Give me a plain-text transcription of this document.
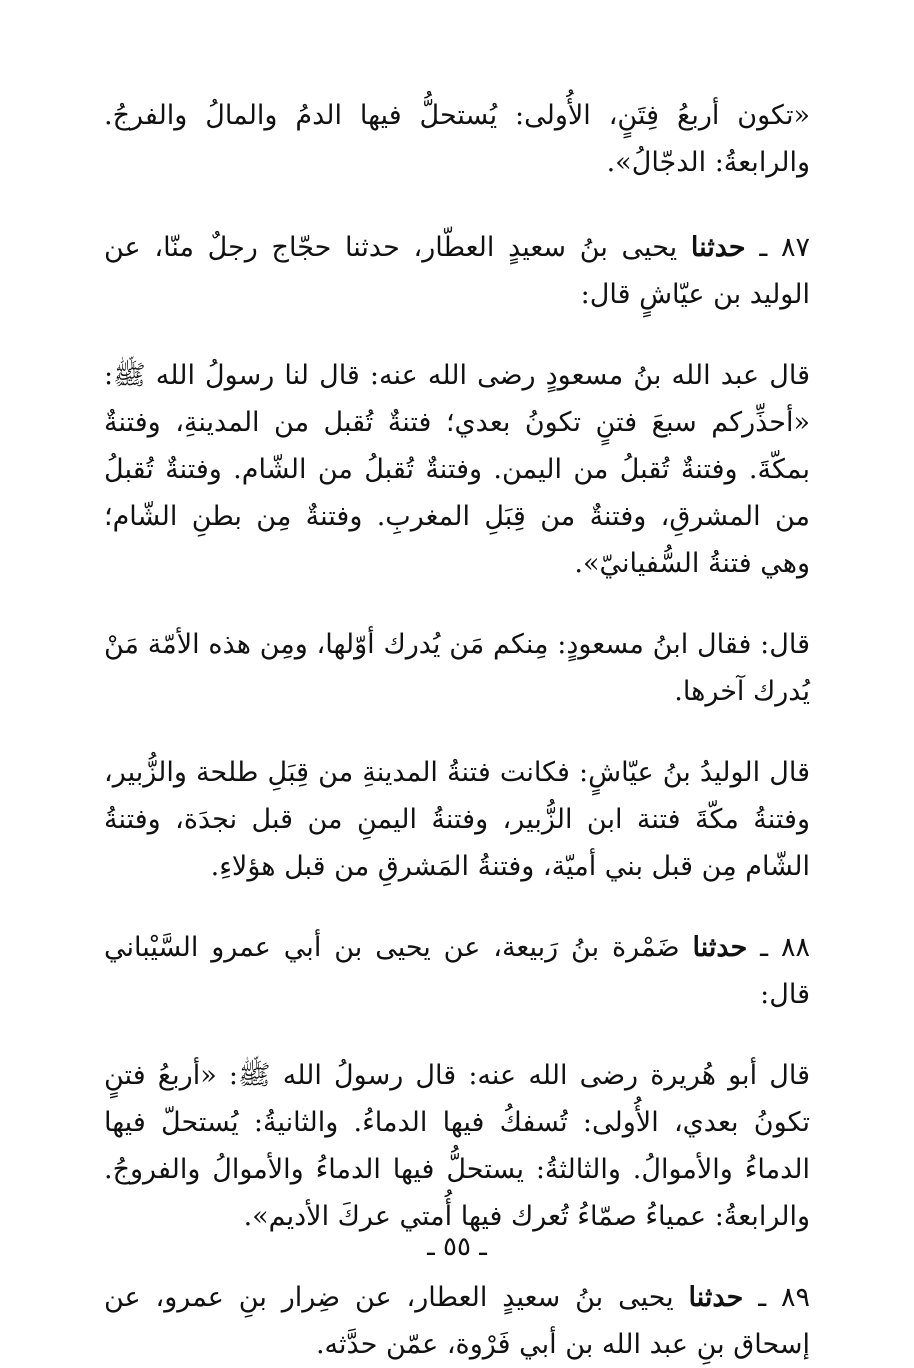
«تكون أربعُ فِتَنٍ، الأُولى: يُستحلُّ فيها الدمُ والمالُ والفرجُ. والرابعةُ: الدجّالُ».

٨٧ ـ حدثنا يحيى بنُ سعيدٍ العطّار، حدثنا حجّاج رجلٌ منّا، عن الوليد بن عيّاشٍ قال:

قال عبد الله بنُ مسعودٍ رضى الله عنه: قال لنا رسولُ الله ﷺ: «أحذِّركم سبعَ فتنٍ تكونُ بعدي؛ فتنةٌ تُقبل من المدينةِ، وفتنةٌ بمكّةَ. وفتنةٌ تُقبلُ من اليمن. وفتنةٌ تُقبلُ من الشّام. وفتنةٌ تُقبلُ من المشرقِ، وفتنةٌ من قِبَلِ المغربِ. وفتنةٌ مِن بطنِ الشّام؛ وهي فتنةُ السُّفيانيّ».

قال: فقال ابنُ مسعودٍ: مِنكم مَن يُدرك أوّلها، ومِن هذه الأمّة مَنْ يُدرك آخرها.

قال الوليدُ بنُ عيّاشٍ: فكانت فتنةُ المدينةِ من قِبَلِ طلحة والزُّبير، وفتنةُ مكّةَ فتنة ابن الزُّبير، وفتنةُ اليمنِ من قبل نجدَة، وفتنةُ الشّام مِن قبل بني أميّة، وفتنةُ المَشرقِ من قبل هؤلاءِ.

٨٨ ـ حدثنا ضَمْرة بنُ رَبيعة، عن يحيى بن أبي عمرو السَّيْباني قال:

قال أبو هُريرة رضى الله عنه: قال رسولُ الله ﷺ: «أربعُ فتنٍ تكونُ بعدي، الأُولى: تُسفكُ فيها الدماءُ. والثانيةُ: يُستحلّ فيها الدماءُ والأموالُ. والثالثةُ: يستحلُّ فيها الدماءُ والأموالُ والفروجُ. والرابعةُ: عمياءُ صمّاءُ تُعرك فيها أُمتي عركَ الأديم».

٨٩ ـ حدثنا يحيى بنُ سعيدٍ العطار، عن ضِرار بنِ عمرو، عن إسحاق بنِ عبد الله بن أبي فَرْوة، عمّن حدَّثه.

ـ ٥٥ ـ
